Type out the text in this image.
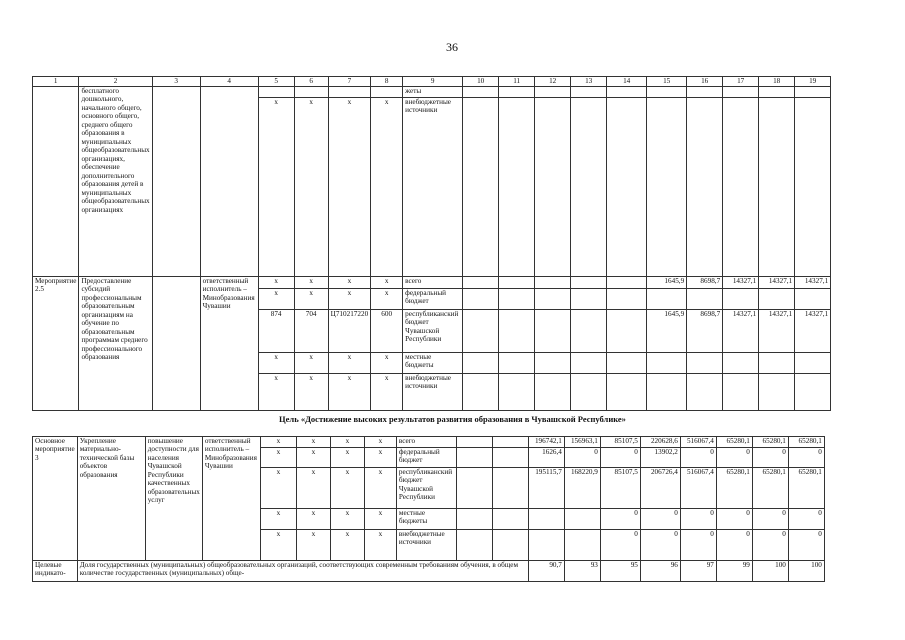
36
1	2	3	4	5	6	7	8	9	10	11	12	13	14	15	16	17	18	19
	бесплатного дошкольного, начального общего, основного общего, среднего общего образования в муниципальных общеобразовательных организациях, обеспечение дополнительного образования детей в муниципальных общеобразовательных организациях							жеты										
				x	x	x	x	внебюджетные источники										
Мероприятие 2.5	Предоставление субсидий профессиональным образовательным организациям на обучение по образовательным программам среднего профессионального образования		ответственный исполнитель – Минобразования Чувашии	x	x	x	x	всего						1645,9	8698,7	14327,1	14327,1	14327,1
				x	x	x	x	федеральный бюджет										
				874	704	Ц710217220	600	республиканский бюджет Чувашской Республики						1645,9	8698,7	14327,1	14327,1	14327,1
				x	x	x	x	местные бюджеты										
				x	x	x	x	внебюджетные источники										
Цель «Достижение высоких результатов развития образования в Чувашской Республике»
Основное мероприятие 3	Укрепление материально-технической базы объектов образования	повышение доступности для населения Чувашской Республики качественных образовательных услуг	ответственный исполнитель – Минобразования Чувашии	x	x	x	x	всего			196742,1	156963,1	85107,5	220628,6	516067,4	65280,1	65280,1	65280,1
				x	x	x	x	федеральный бюджет			1626,4	0	0	13902,2	0	0	0	0
				x	x	x	x	республиканский бюджет Чувашской Республики			195115,7	168220,9	85107,5	206726,4	516067,4	65280,1	65280,1	65280,1
				x	x	x	x	местные бюджеты					0	0	0	0	0	0
				x	x	x	x	внебюджетные источники					0	0	0	0	0	0
Целевые индикато-	Доля государственных (муниципальных) общеобразовательных организаций, соответствующих современным требованиям обучения, в общем количестве государственных (муниципальных) обще-										90,7	93	95	96	97	99	100	100
